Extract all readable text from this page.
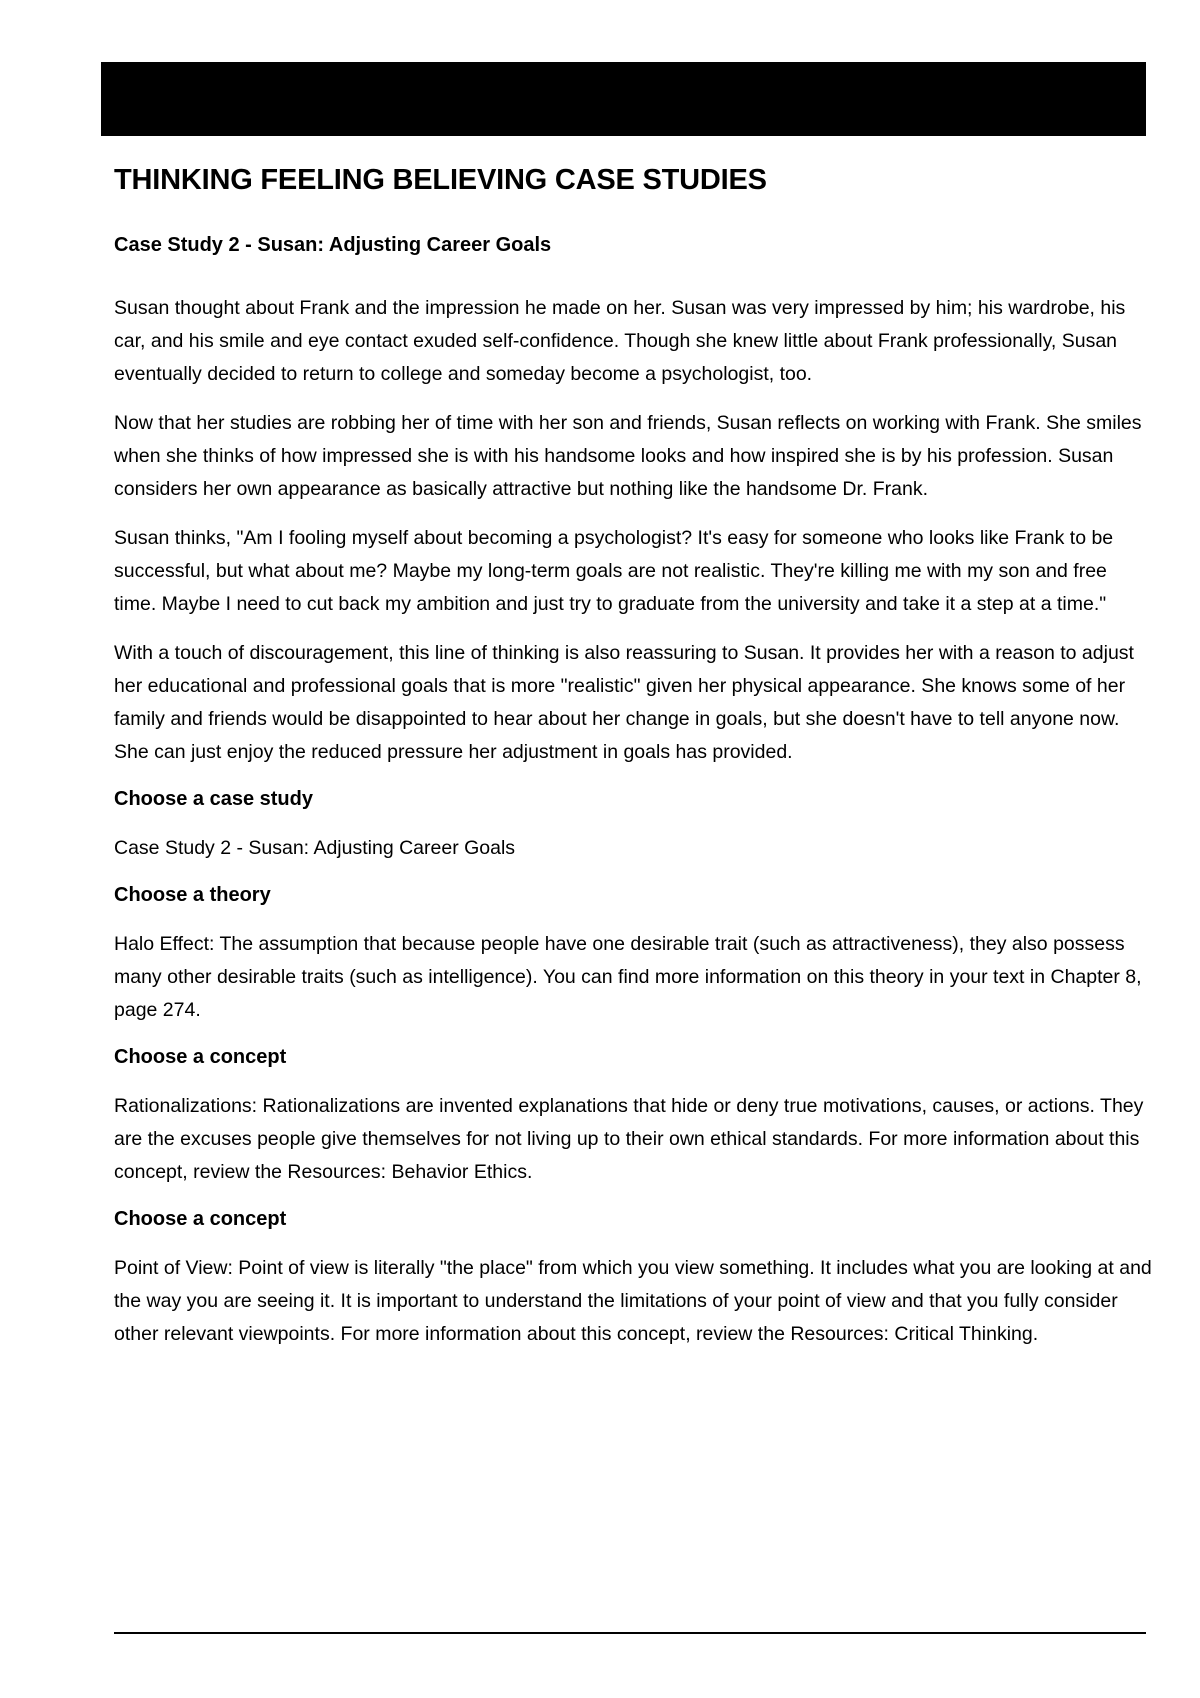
THINKING FEELING BELIEVING CASE STUDIES
Case Study 2 - Susan: Adjusting Career Goals

Susan thought about Frank and the impression he made on her. Susan was very impressed by him; his wardrobe, his car, and his smile and eye contact exuded self-confidence. Though she knew little about Frank professionally, Susan eventually decided to return to college and someday become a psychologist, too.

Now that her studies are robbing her of time with her son and friends, Susan reflects on working with Frank. She smiles when she thinks of how impressed she is with his handsome looks and how inspired she is by his profession. Susan considers her own appearance as basically attractive but nothing like the handsome Dr. Frank.

Susan thinks, "Am I fooling myself about becoming a psychologist? It's easy for someone who looks like Frank to be successful, but what about me? Maybe my long-term goals are not realistic. They're killing me with my son and free time. Maybe I need to cut back my ambition and just try to graduate from the university and take it a step at a time."

With a touch of discouragement, this line of thinking is also reassuring to Susan. It provides her with a reason to adjust her educational and professional goals that is more "realistic" given her physical appearance. She knows some of her family and friends would be disappointed to hear about her change in goals, but she doesn't have to tell anyone now. She can just enjoy the reduced pressure her adjustment in goals has provided.

Choose a case study

Case Study 2 - Susan: Adjusting Career Goals

Choose a theory

Halo Effect: The assumption that because people have one desirable trait (such as attractiveness), they also possess many other desirable traits (such as intelligence). You can find more information on this theory in your text in Chapter 8, page 274.

Choose a concept

Rationalizations: Rationalizations are invented explanations that hide or deny true motivations, causes, or actions. They are the excuses people give themselves for not living up to their own ethical standards. For more information about this concept, review the Resources: Behavior Ethics.

Choose a concept

Point of View: Point of view is literally "the place" from which you view something. It includes what you are looking at and the way you are seeing it. It is important to understand the limitations of your point of view and that you fully consider other relevant viewpoints. For more information about this concept, review the Resources: Critical Thinking.
